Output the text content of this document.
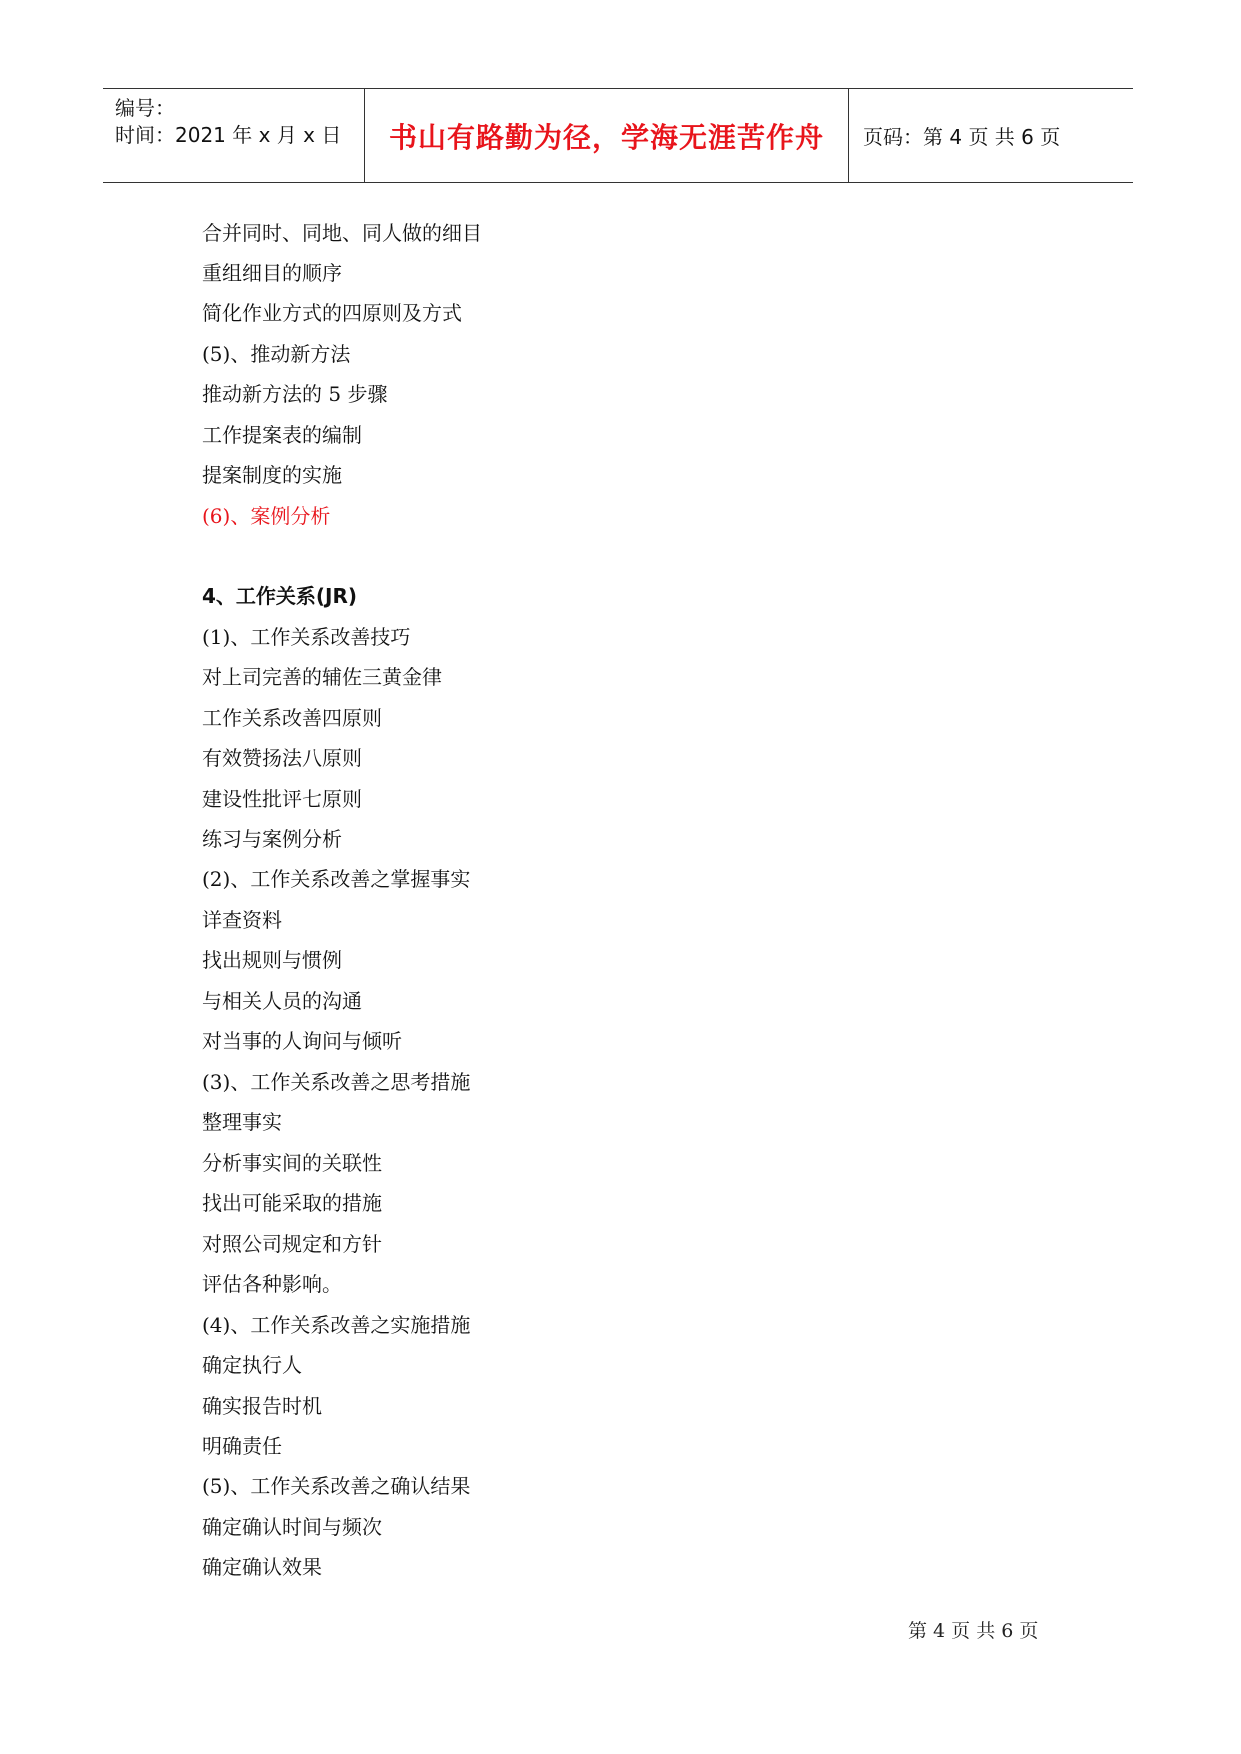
编号：
时间：2021 年 x 月 x 日 书山有路勤为径，学海无涯苦作舟 页码：第 4 页 共 6 页
合并同时、同地、同人做的细目
重组细目的顺序
简化作业方式的四原则及方式
(5)、推动新方法
推动新方法的 5 步骤
工作提案表的编制
提案制度的实施
(6)、案例分析
4、工作关系(JR)
(1)、工作关系改善技巧
对上司完善的辅佐三黄金律
工作关系改善四原则
有效赞扬法八原则
建设性批评七原则
练习与案例分析
(2)、工作关系改善之掌握事实
详查资料
找出规则与惯例
与相关人员的沟通
对当事的人询问与倾听
(3)、工作关系改善之思考措施
整理事实
分析事实间的关联性
找出可能采取的措施
对照公司规定和方针
评估各种影响。
(4)、工作关系改善之实施措施
确定执行人
确实报告时机
明确责任
(5)、工作关系改善之确认结果
确定确认时间与频次
确定确认效果
第 4 页 共 6 页
